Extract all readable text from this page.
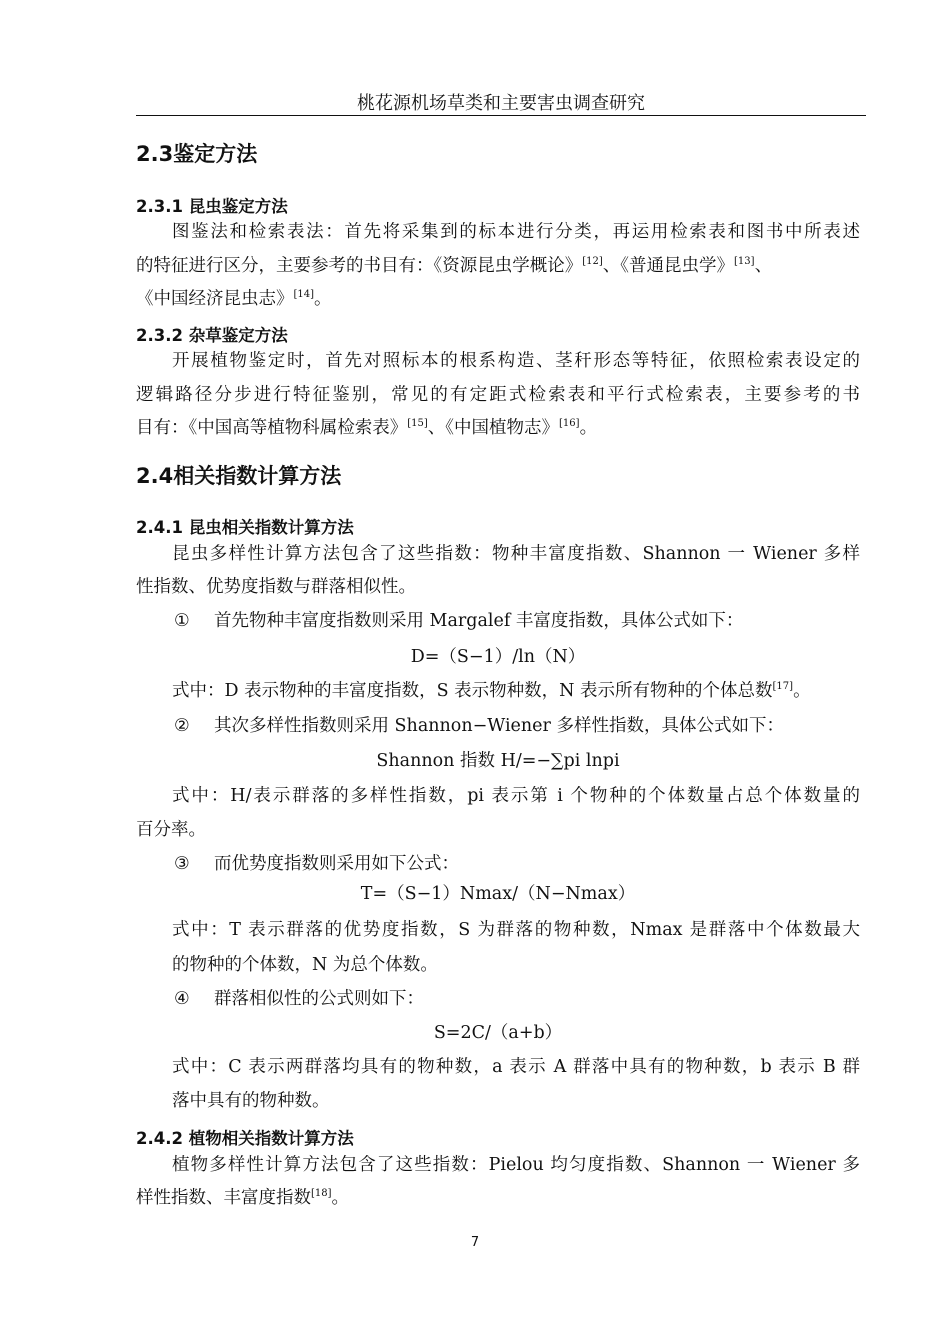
桃花源机场草类和主要害虫调查研究
2.3鉴定方法
2.3.1 昆虫鉴定方法
图鉴法和检索表法：首先将采集到的标本进行分类，再运用检索表和图书中所表述
的特征进行区分，主要参考的书目有：《资源昆虫学概论》[12]、《普通昆虫学》[13]、
《中国经济昆虫志》[14]。
2.3.2 杂草鉴定方法
开展植物鉴定时，首先对照标本的根系构造、茎秆形态等特征，依照检索表设定的
逻辑路径分步进行特征鉴别，常见的有定距式检索表和平行式检索表，主要参考的书
目有：《中国高等植物科属检索表》[15]、《中国植物志》[16]。
2.4相关指数计算方法
2.4.1 昆虫相关指数计算方法
昆虫多样性计算方法包含了这些指数：物种丰富度指数、Shannon 一 Wiener 多样
性指数、优势度指数与群落相似性。
① 首先物种丰富度指数则采用 Margalef 丰富度指数，具体公式如下：
D=（S−1）/ln（N）
式中：D 表示物种的丰富度指数，S 表示物种数，N 表示所有物种的个体总数[17]。
② 其次多样性指数则采用 Shannon−Wiener 多样性指数，具体公式如下：
Shannon 指数 H/=−∑pi lnpi
式中：H/表示群落的多样性指数，pi 表示第 i 个物种的个体数量占总个体数量的
百分率。
③ 而优势度指数则采用如下公式：
T=（S−1）Nmax/（N−Nmax）
式中：T 表示群落的优势度指数，S 为群落的物种数，Nmax 是群落中个体数最大
的物种的个体数，N 为总个体数。
④ 群落相似性的公式则如下：
S=2C/（a+b）
式中：C 表示两群落均具有的物种数，a 表示 A 群落中具有的物种数，b 表示 B 群
落中具有的物种数。
2.4.2 植物相关指数计算方法
植物多样性计算方法包含了这些指数：Pielou 均匀度指数、Shannon 一 Wiener 多
样性指数、丰富度指数[18]。
7
